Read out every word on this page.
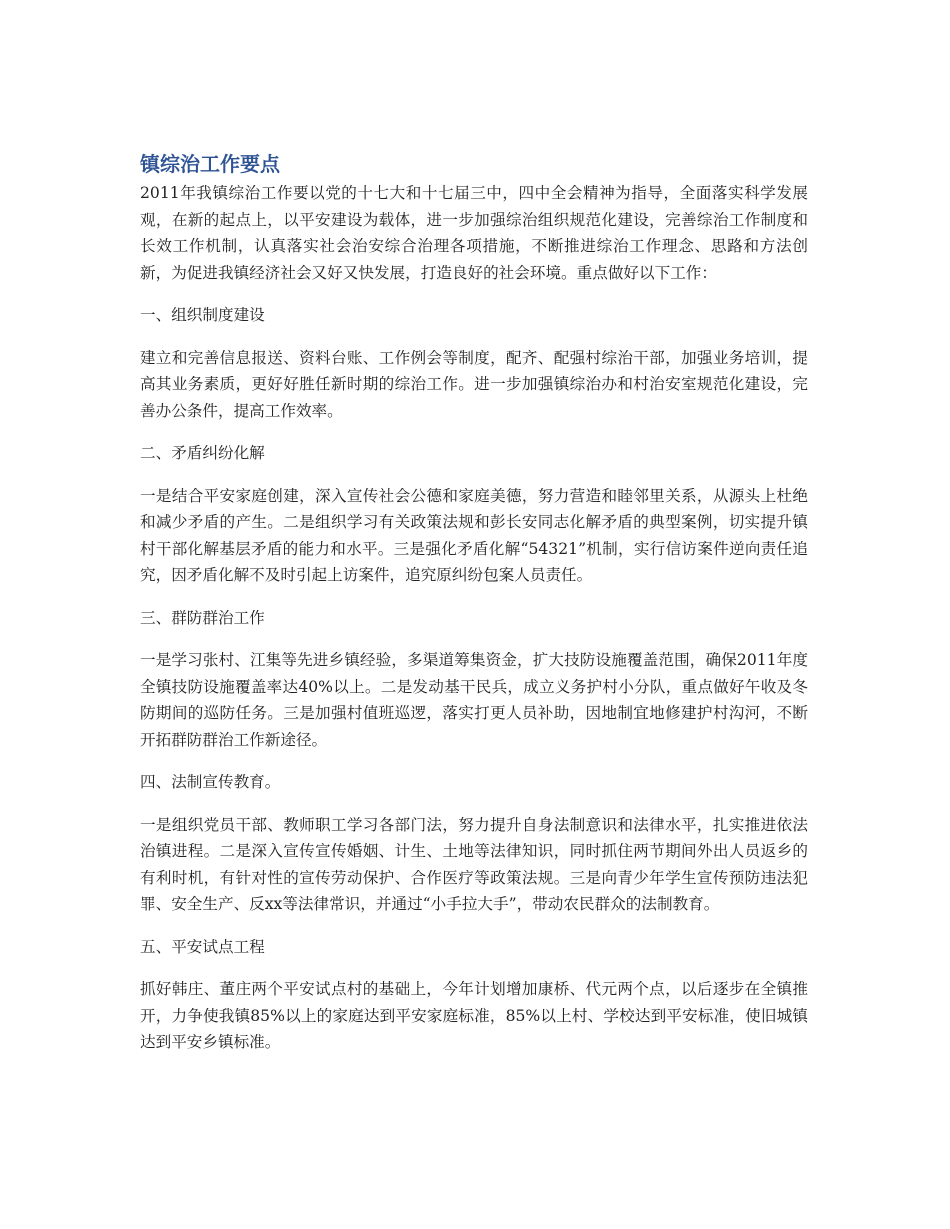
镇综治工作要点

2011年我镇综治工作要以党的十七大和十七届三中，四中全会精神为指导，全面落实科学发展观，在新的起点上，以平安建设为载体，进一步加强综治组织规范化建设，完善综治工作制度和长效工作机制，认真落实社会治安综合治理各项措施，不断推进综治工作理念、思路和方法创新，为促进我镇经济社会又好又快发展，打造良好的社会环境。重点做好以下工作：

一、组织制度建设

建立和完善信息报送、资料台账、工作例会等制度，配齐、配强村综治干部，加强业务培训，提高其业务素质，更好好胜任新时期的综治工作。进一步加强镇综治办和村治安室规范化建设，完善办公条件，提高工作效率。

二、矛盾纠纷化解

一是结合平安家庭创建，深入宣传社会公德和家庭美德，努力营造和睦邻里关系，从源头上杜绝和减少矛盾的产生。二是组织学习有关政策法规和彭长安同志化解矛盾的典型案例，切实提升镇村干部化解基层矛盾的能力和水平。三是强化矛盾化解“54321”机制，实行信访案件逆向责任追究，因矛盾化解不及时引起上访案件，追究原纠纷包案人员责任。

三、群防群治工作

一是学习张村、江集等先进乡镇经验，多渠道筹集资金，扩大技防设施覆盖范围，确保2011年度全镇技防设施覆盖率达40%以上。二是发动基干民兵，成立义务护村小分队，重点做好午收及冬防期间的巡防任务。三是加强村值班巡逻，落实打更人员补助，因地制宜地修建护村沟河，不断开拓群防群治工作新途径。

四、法制宣传教育。

一是组织党员干部、教师职工学习各部门法，努力提升自身法制意识和法律水平，扎实推进依法治镇进程。二是深入宣传宣传婚姻、计生、土地等法律知识，同时抓住两节期间外出人员返乡的有利时机，有针对性的宣传劳动保护、合作医疗等政策法规。三是向青少年学生宣传预防违法犯罪、安全生产、反xx等法律常识，并通过“小手拉大手”，带动农民群众的法制教育。

五、平安试点工程

抓好韩庄、董庄两个平安试点村的基础上，今年计划增加康桥、代元两个点，以后逐步在全镇推开，力争使我镇85%以上的家庭达到平安家庭标准，85%以上村、学校达到平安标准，使旧城镇达到平安乡镇标准。
